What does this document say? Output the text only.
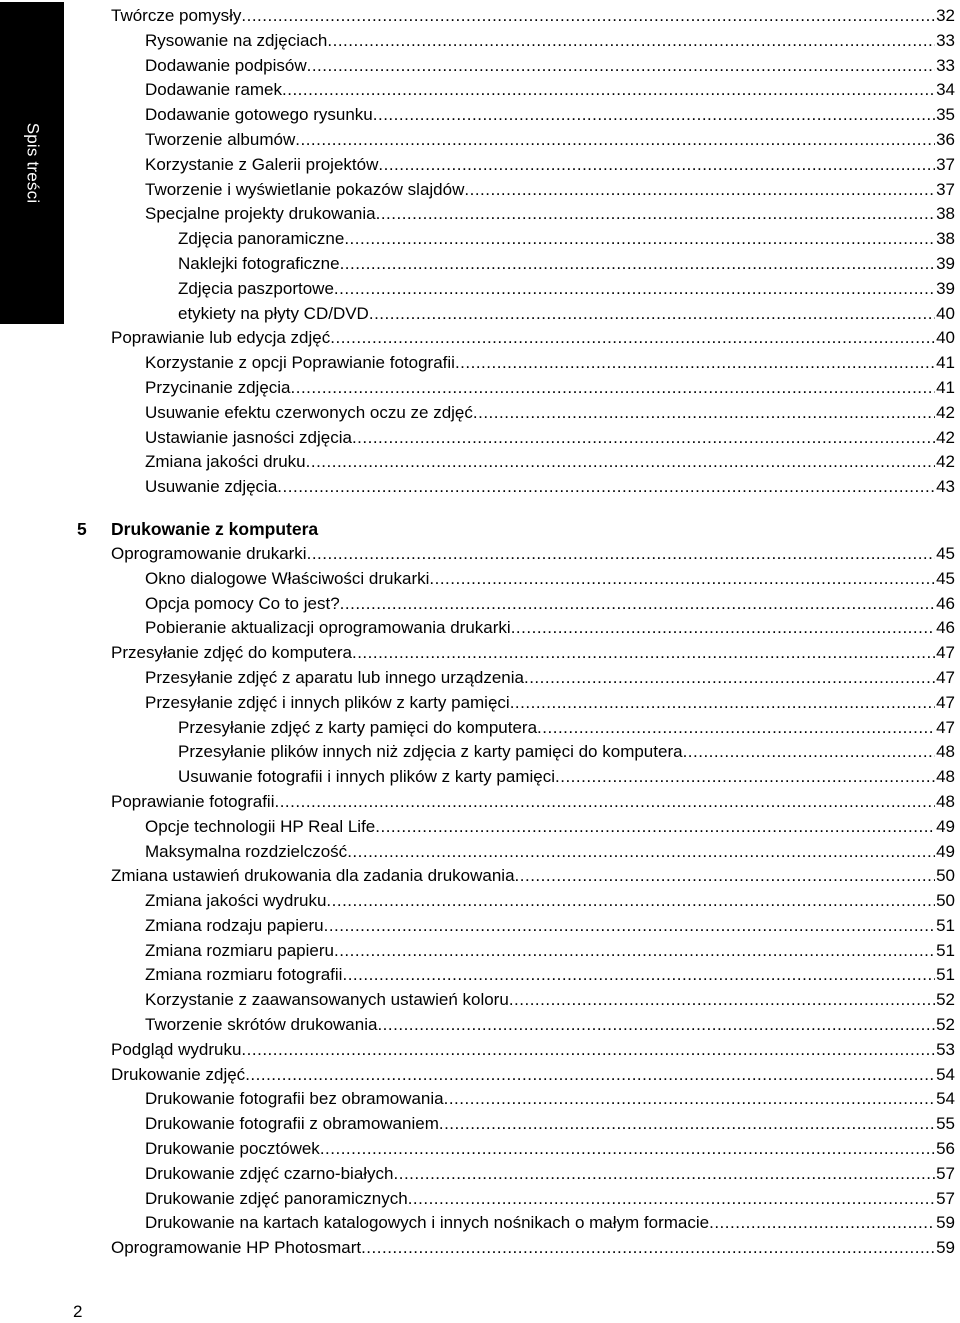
Spis treści
Twórcze pomysły .....	32
Rysowanie na zdjęciach .....	33
Dodawanie podpisów .....	33
Dodawanie ramek .....	34
Dodawanie gotowego rysunku .....	35
Tworzenie albumów .....	36
Korzystanie z Galerii projektów .....	37
Tworzenie i wyświetlanie pokazów slajdów .....	37
Specjalne projekty drukowania .....	38
Zdjęcia panoramiczne .....	38
Naklejki fotograficzne .....	39
Zdjęcia paszportowe .....	39
etykiety na płyty CD/DVD .....	40
Poprawianie lub edycja zdjęć .....	40
Korzystanie z opcji Poprawianie fotografii .....	41
Przycinanie zdjęcia .....	41
Usuwanie efektu czerwonych oczu ze zdjęć .....	42
Ustawianie jasności zdjęcia .....	42
Zmiana jakości druku .....	42
Usuwanie zdjęcia .....	43
5 Drukowanie z komputera
Oprogramowanie drukarki .....	45
Okno dialogowe Właściwości drukarki .....	45
Opcja pomocy Co to jest? .....	46
Pobieranie aktualizacji oprogramowania drukarki .....	46
Przesyłanie zdjęć do komputera .....	47
Przesyłanie zdjęć z aparatu lub innego urządzenia .....	47
Przesyłanie zdjęć i innych plików z karty pamięci .....	47
Przesyłanie zdjęć z karty pamięci do komputera .....	47
Przesyłanie plików innych niż zdjęcia z karty pamięci do komputera .....	48
Usuwanie fotografii i innych plików z karty pamięci .....	48
Poprawianie fotografii .....	48
Opcje technologii HP Real Life .....	49
Maksymalna rozdzielczość .....	49
Zmiana ustawień drukowania dla zadania drukowania .....	50
Zmiana jakości wydruku .....	50
Zmiana rodzaju papieru .....	51
Zmiana rozmiaru papieru .....	51
Zmiana rozmiaru fotografii .....	51
Korzystanie z zaawansowanych ustawień koloru .....	52
Tworzenie skrótów drukowania .....	52
Podgląd wydruku .....	53
Drukowanie zdjęć .....	54
Drukowanie fotografii bez obramowania .....	54
Drukowanie fotografii z obramowaniem .....	55
Drukowanie pocztówek .....	56
Drukowanie zdjęć czarno-białych .....	57
Drukowanie zdjęć panoramicznych .....	57
Drukowanie na kartach katalogowych i innych nośnikach o małym formacie .....	59
Oprogramowanie HP Photosmart .....	59
2
